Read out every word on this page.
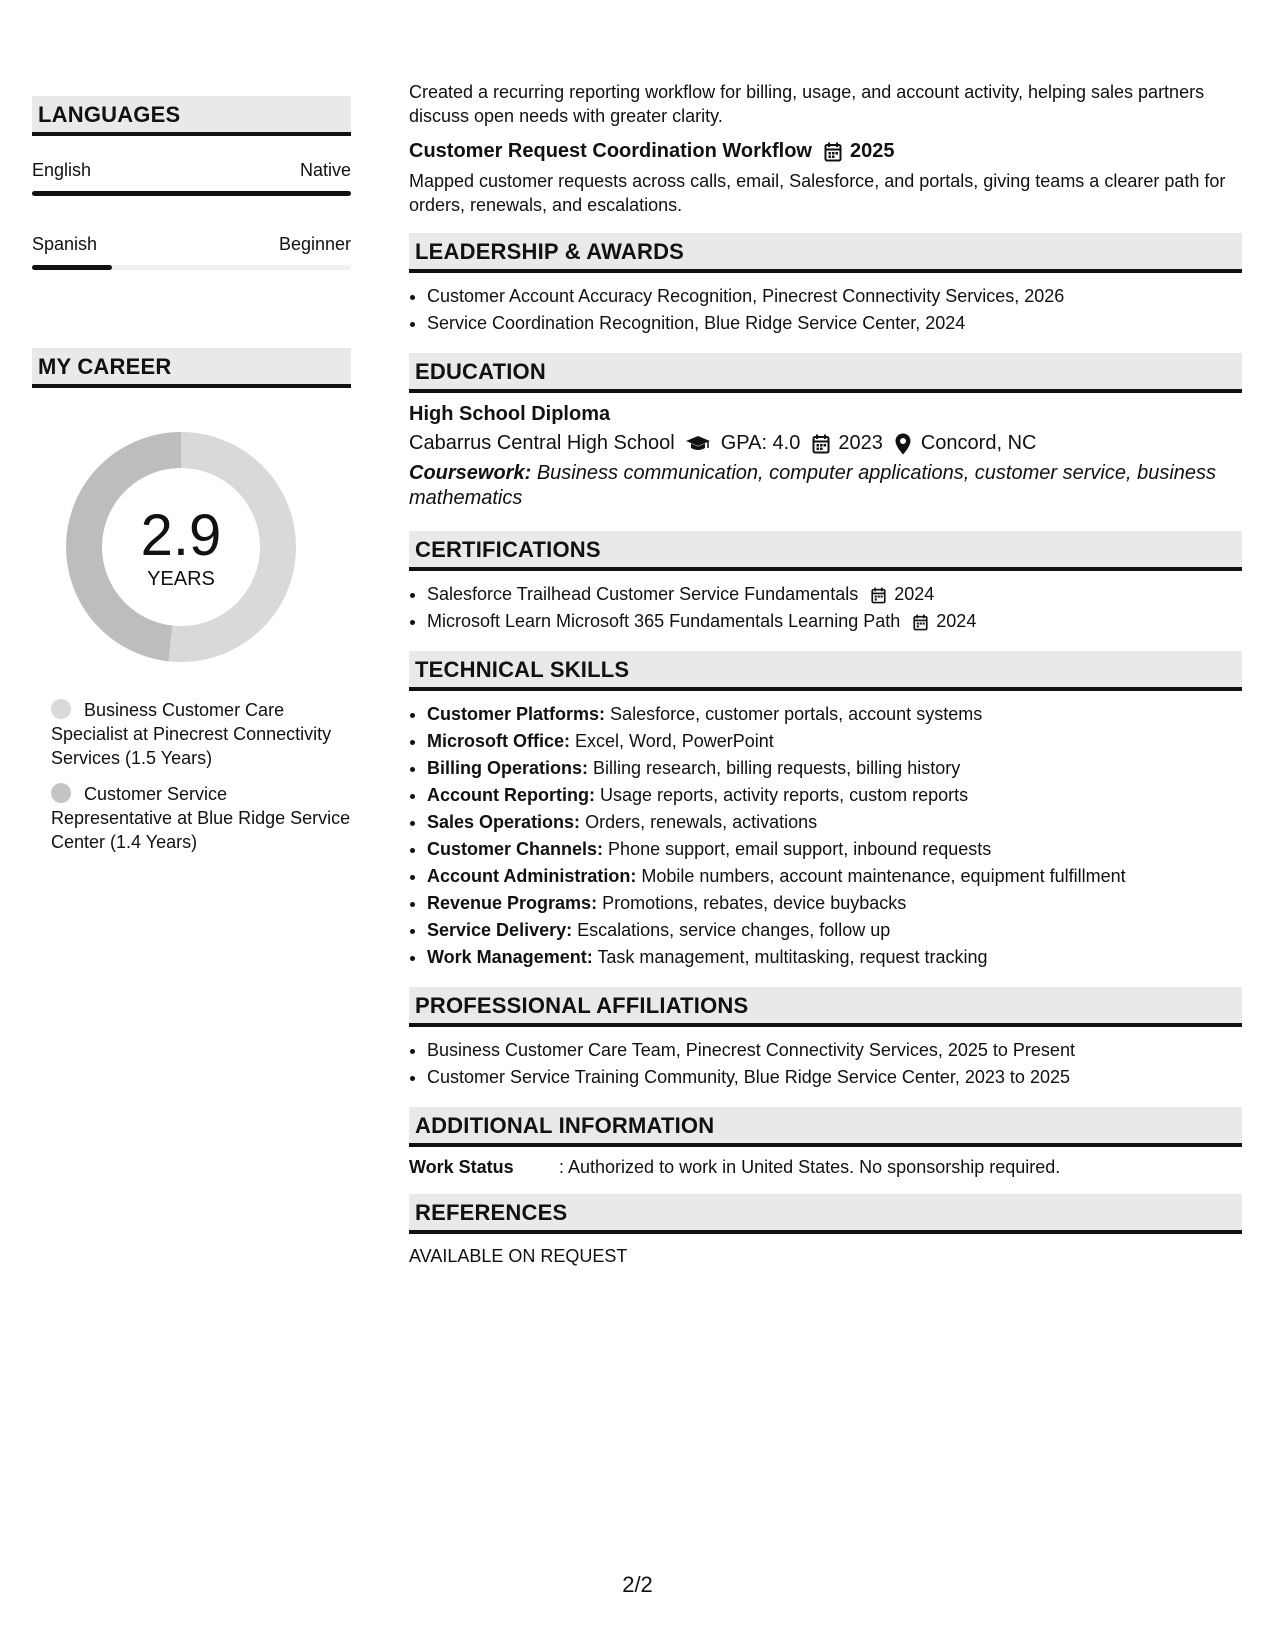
LANGUAGES
English	Native
Spanish	Beginner
MY CAREER
2.9
YEARS
Business Customer Care Specialist at Pinecrest Connectivity Services (1.5 Years)
Customer Service Representative at Blue Ridge Service Center (1.4 Years)

Created a recurring reporting workflow for billing, usage, and account activity, helping sales partners discuss open needs with greater clarity.

Customer Request Coordination Workflow 2025

Mapped customer requests across calls, email, Salesforce, and portals, giving teams a clearer path for orders, renewals, and escalations.

LEADERSHIP & AWARDS
• Customer Account Accuracy Recognition, Pinecrest Connectivity Services, 2026
• Service Coordination Recognition, Blue Ridge Service Center, 2024
EDUCATION
High School Diploma
Cabarrus Central High School GPA: 4.0 2023 Concord, NC
Coursework: Business communication, computer applications, customer service, business mathematics
CERTIFICATIONS
• Salesforce Trailhead Customer Service Fundamentals 2024
• Microsoft Learn Microsoft 365 Fundamentals Learning Path 2024
TECHNICAL SKILLS
• Customer Platforms: Salesforce, customer portals, account systems
• Microsoft Office: Excel, Word, PowerPoint
• Billing Operations: Billing research, billing requests, billing history
• Account Reporting: Usage reports, activity reports, custom reports
• Sales Operations: Orders, renewals, activations
• Customer Channels: Phone support, email support, inbound requests
• Account Administration: Mobile numbers, account maintenance, equipment fulfillment
• Revenue Programs: Promotions, rebates, device buybacks
• Service Delivery: Escalations, service changes, follow up
• Work Management: Task management, multitasking, request tracking
PROFESSIONAL AFFILIATIONS
• Business Customer Care Team, Pinecrest Connectivity Services, 2025 to Present
• Customer Service Training Community, Blue Ridge Service Center, 2023 to 2025
ADDITIONAL INFORMATION
Work Status	: Authorized to work in United States. No sponsorship required.
REFERENCES
AVAILABLE ON REQUEST
2/2
